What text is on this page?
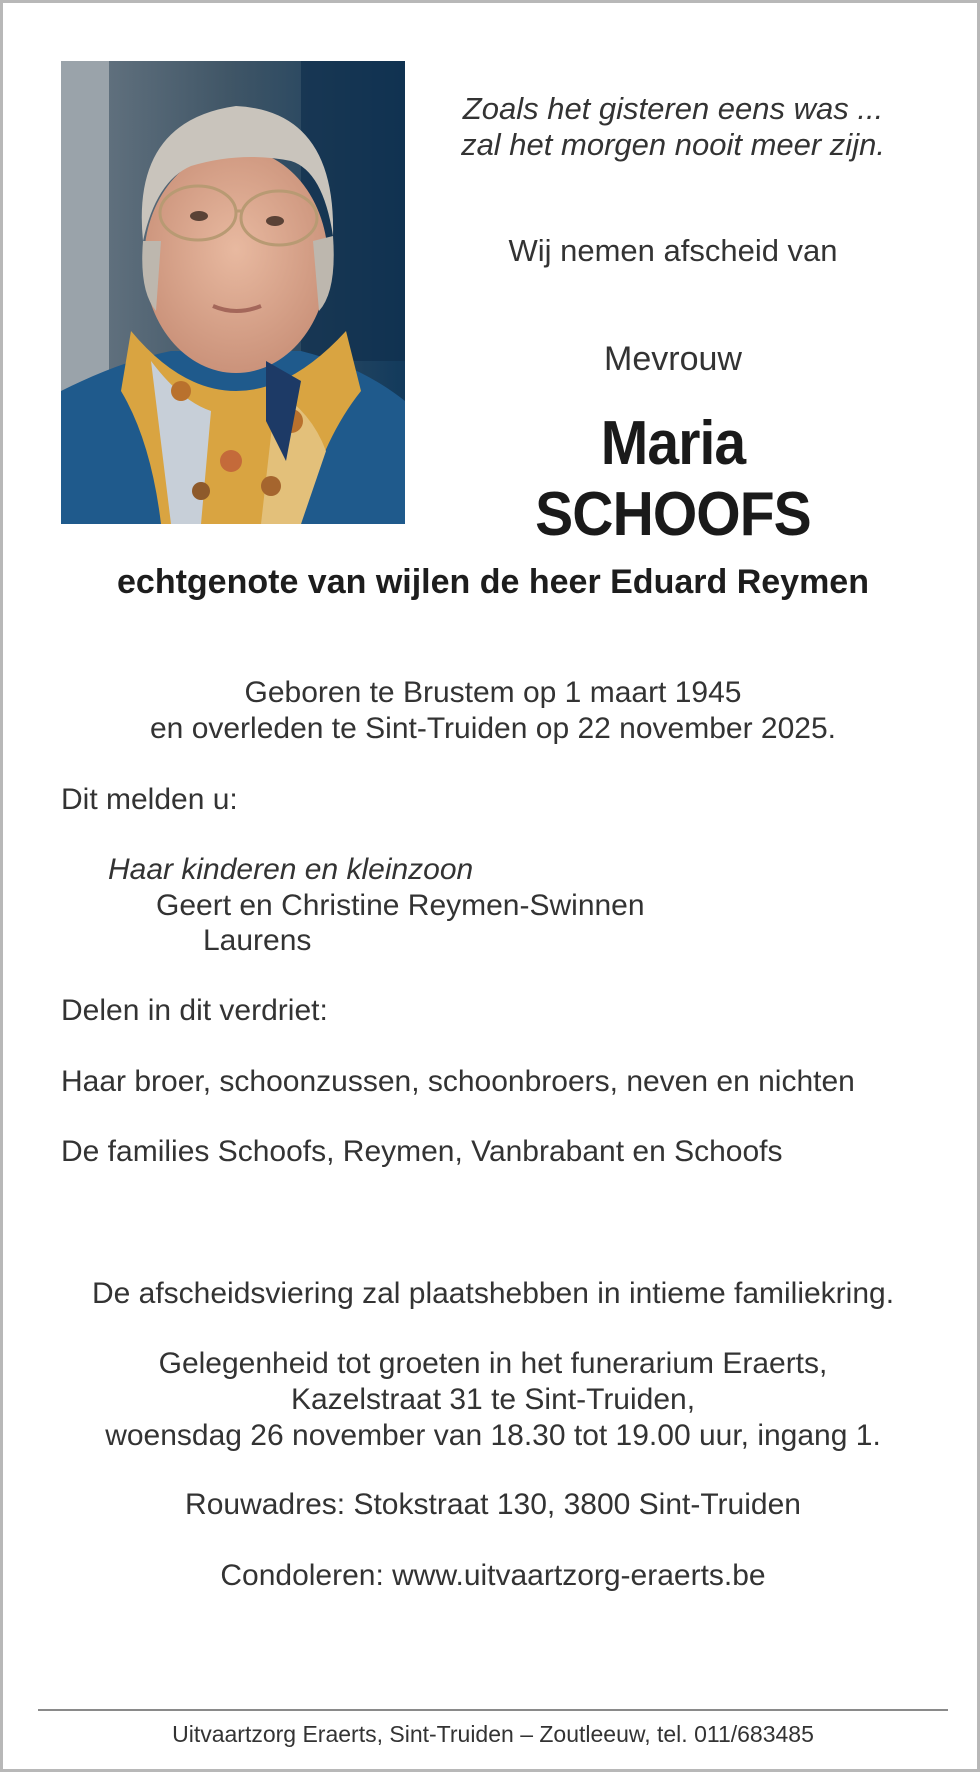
Zoals het gisteren eens was ...
zal het morgen nooit meer zijn.
Wij nemen afscheid van
Mevrouw
Maria SCHOOFS
echtgenote van wijlen de heer Eduard Reymen
Geboren te Brustem op 1 maart 1945
en overleden te Sint-Truiden op 22 november 2025.
Dit melden u:
Haar kinderen en kleinzoon
Geert en Christine Reymen-Swinnen
Laurens
Delen in dit verdriet:
Haar broer, schoonzussen, schoonbroers, neven en nichten
De families Schoofs, Reymen, Vanbrabant en Schoofs
De afscheidsviering zal plaatshebben in intieme familiekring.
Gelegenheid tot groeten in het funerarium Eraerts,
Kazelstraat 31 te Sint-Truiden,
woensdag 26 november van 18.30 tot 19.00 uur, ingang 1.
Rouwadres: Stokstraat 130, 3800 Sint-Truiden
Condoleren: www.uitvaartzorg-eraerts.be
Uitvaartzorg Eraerts, Sint-Truiden – Zoutleeuw, tel. 011/683485
